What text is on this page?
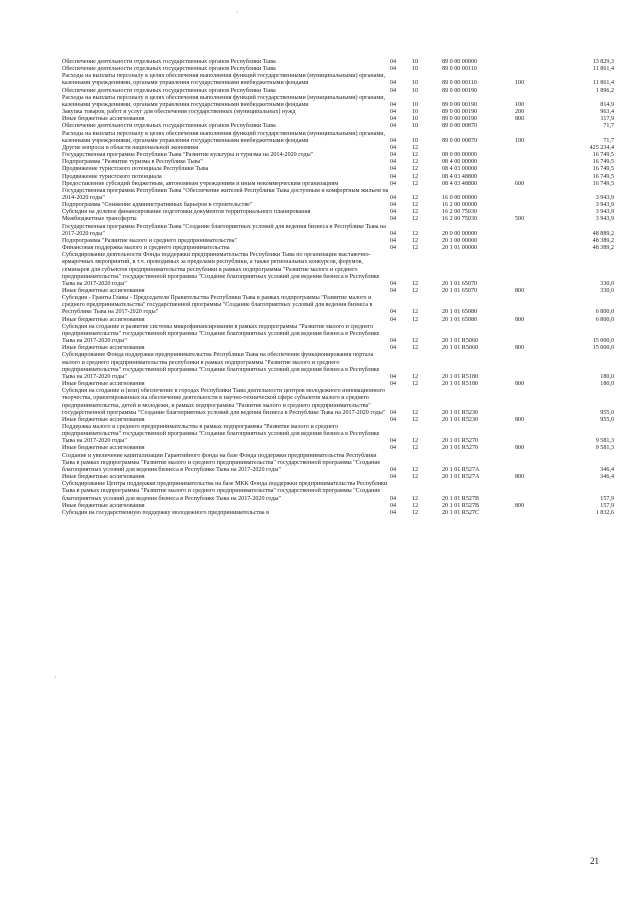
·
·
Обеспечение деятельности отдельных государственных органов Республики Тыва	04	10	89 0 00 00000		13 829,3
Обеспечение деятельности отдельных государственных органов Республики Тыва	04	10	89 0 00 00110		11 861,4
Расходы на выплаты персоналу в целях обеспечения выполнения функций государственными (муниципальными) органами, казенными учреждениями, органами управления государственными внебюджетными фондами	04	10	89 0 00 00110	100	11 861,4
Обеспечение деятельности отдельных государственных органов Республики Тыва	04	10	89 0 00 00190		1 896,2
Расходы на выплаты персоналу в целях обеспечения выполнения функций государственными (муниципальными) органами, казенными учреждениями, органами управления государственными внебюджетными фондами	04	10	89 0 00 00190	100	814,9
Закупка товаров, работ и услуг для обеспечения государственных (муниципальных) нужд	04	10	89 0 00 00190	200	963,4
Иные бюджетные ассигнования	04	10	89 0 00 00190	800	117,9
Обеспечение деятельности отдельных государственных органов Республики Тыва	04	10	89 0 00 00870		71,7
Расходы на выплаты персоналу в целях обеспечения выполнения функций государственными (муниципальными) органами, казенными учреждениями, органами управления государственными внебюджетными фондами	04	10	89 0 00 00870	100	71,7
Другие вопросы в области национальной экономики	04	12			425 234,4
Государственная программа Республики Тыва "Развитие культуры и туризма на 2014-2020 годы"	04	12	08 0 00 00000		16 749,5
Подпрограмма "Развитие туризма в Республике Тыва"	04	12	08 4 00 00000		16 749,5
Продвижение туристского потенциала Республики Тыва	04	12	08 4 03 00000		16 749,5
Продвижение туристского потенциала	04	12	08 4 03 48800		16 749,5
Предоставление субсидий бюджетным, автономным учреждениям и иным некоммерческим организациям	04	12	08 4 03 48800	600	16 749,5
Государственная программа Республики Тыва "Обеспечение жителей Республики Тыва доступным и комфортным жильем на 2014-2020 годы"	04	12	16 0 00 00000		3 943,9
Подпрограмма "Снижение административных барьеров в строительстве"	04	12	16 2 00 00000		3 943,9
Субсидия на долевое финансирование подготовки документов территориального планирования	04	12	16 2 00 75030		3 943,9
Межбюджетные трансферты	04	12	16 2 00 75030	500	3 943,9
Государственная программа Республики Тыва "Создание благоприятных условий для ведения бизнеса в Республике Тыва на 2017-2020 годы"	04	12	20 0 00 00000		48 889,2
Подпрограмма "Развитие малого и среднего предпринимательства"	04	12	20 1 00 00000		48 389,2
Финансовая поддержка малого и среднего предпринимательства	04	12	20 1 01 00000		48 389,2
Субсидирование деятельности Фонда поддержки предпринимательства Республики Тыва по организации выставочно-ярмарочных мероприятий, в т.ч. проводимых за пределами республики, а также региональных конкурсов, форумов, семинаров для субъектов предпринимательства республики в рамках подпрограммы "Развитие малого и среднего предпринимательства" государственной программы "Создание благоприятных условий для ведения бизнеса в Республике Тыва на 2017-2020 годы"	04	12	20 1 01 65070		330,0
Иные бюджетные ассигнования	04	12	20 1 01 65070	800	330,0
Субсидия - Гранты Главы - Председателя Правительства Республики Тыва в рамках подпрограммы "Развитие малого и среднего предпринимательства" государственной программы "Создание благоприятных условий для ведения бизнеса в Республике Тыва на 2017-2020 годы"	04	12	20 1 01 65080		6 800,0
Иные бюджетные ассигнования	04	12	20 1 01 65080	800	6 800,0
Субсидия на создание и развитие системы микрофинансирования в рамках подпрограммы "Развитие малого и среднего предпринимательства" государственной программы "Создание благоприятных условий для ведения бизнеса в Республике Тыва на 2017-2020 годы"	04	12	20 1 01 R5060		15 000,0
Иные бюджетные ассигнования	04	12	20 1 01 R5060	800	15 000,0
Субсидирование Фонда поддержки предпринимательства Республики Тыва на обеспечение функционирования портала малого и среднего предпринимательства республики в рамках подпрограммы "Развитие малого и среднего предпринимательства" государственной программы "Создание благоприятных условий для ведения бизнеса в Республике Тыва на 2017-2020 годы"	04	12	20 1 01 R5180		180,0
Иные бюджетные ассигнования	04	12	20 1 01 R5180	800	180,0
Субсидия на создание и (или) обеспечение в городах Республики Тыва деятельности центров молодежного инновационного творчества, ориентированных на обеспечение деятельности в научно-технической сфере субъектов малого и среднего предпринимательства, детей и молодежи, в рамках подпрограммы "Развитие малого и среднего предпринимательства" государственной программы "Создание благоприятных условий для ведения бизнеса в Республике Тыва на 2017-2020 годы"	04	12	20 1 01 R5230		955,0
Иные бюджетные ассигнования	04	12	20 1 01 R5230	800	955,0
Поддержка малого и среднего предпринимательства в рамках подпрограммы "Развитие малого и среднего предпринимательства" государственной программы "Создание благоприятных условий для ведения бизнеса в Республике Тыва на 2017-2020 годы"	04	12	20 1 01 R5270		9 581,3
Иные бюджетные ассигнования	04	12	20 1 01 R5270	800	9 581,3
Создание и увеличение капитализации Гарантийного фонда на базе Фонда поддержки предпринимательства Республики Тыва в рамках подпрограммы "Развитие малого и среднего предпринимательства" государственной программы "Создание благоприятных условий для ведения бизнеса в Республике Тыва на 2017-2020 годы"	04	12	20 1 01 R527A		346,4
Иные бюджетные ассигнования	04	12	20 1 01 R527A	800	346,4
Субсидирование Центра поддержки предпринимательства на базе МКК Фонда поддержки предпринимательства Республики Тыва в рамках подпрограммы "Развитие малого и среднего предпринимательства" государственной программы "Создание благоприятных условий для ведения бизнеса в Республике Тыва на 2017-2020 годы"	04	12	20 1 01 R527B		157,9
Иные бюджетные ассигнования	04	12	20 1 01 R527B	800	157,9
Субсидия на государственную поддержку молодежного предпринимательства в	04	12	20 1 01 R527C		1 832,6
21
